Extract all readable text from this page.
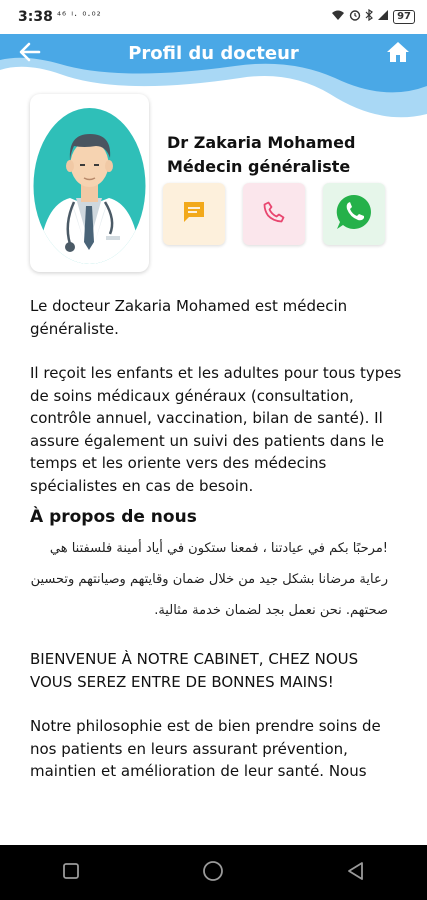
3:38 ⁴⁶ ᴵ· ⁰·⁰²	97
Profil du docteur
Dr Zakaria Mohamed
Médecin généraliste

Le docteur Zakaria Mohamed est médecin généraliste.

Il reçoit les enfants et les adultes pour tous types de soins médicaux généraux (consultation, contrôle annuel, vaccination, bilan de santé). Il assure également un suivi des patients dans le temps et les oriente vers des médecins spécialistes en cas de besoin.

À propos de nous

!مرحبًا بكم في عيادتنا ، فمعنا ستكون في أياد أمينة فلسفتنا هي رعاية مرضانا بشكل جيد من خلال ضمان وقايتهم وصيانتهم وتحسين صحتهم. نحن نعمل بجد لضمان خدمة مثالية.

BIENVENUE À NOTRE CABINET, CHEZ NOUS VOUS SEREZ ENTRE DE BONNES MAINS!

Notre philosophie est de bien prendre soins de nos patients en leurs assurant prévention, maintien et amélioration de leur santé. Nous
